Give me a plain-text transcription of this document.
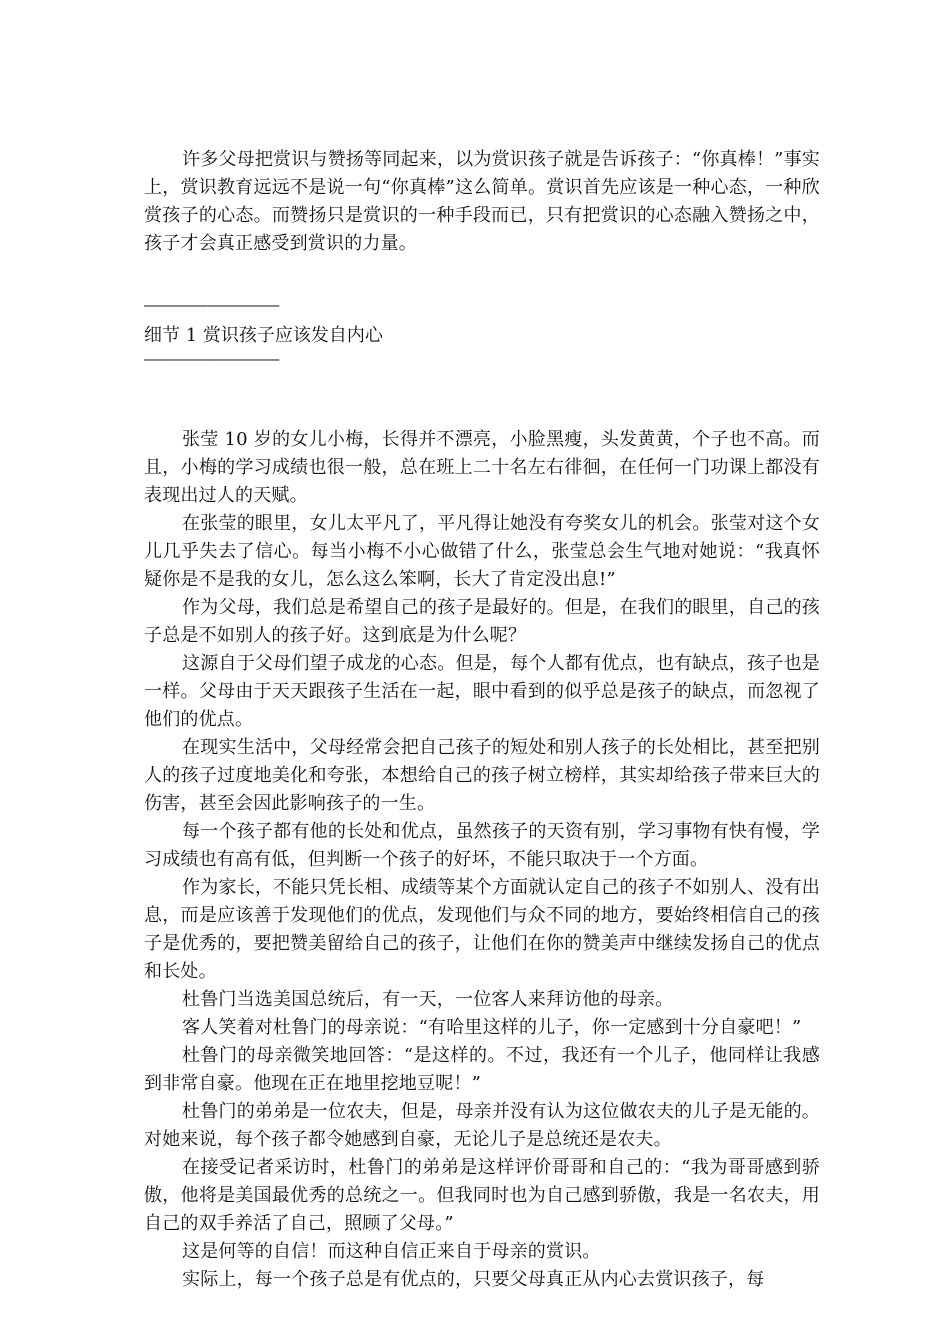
许多父母把赏识与赞扬等同起来，以为赏识孩子就是告诉孩子：“你真棒！”事实上，赏识教育远远不是说一句“你真棒”这么简单。赏识首先应该是一种心态，一种欣赏孩子的心态。而赞扬只是赏识的一种手段而已，只有把赏识的心态融入赞扬之中，孩子才会真正感受到赏识的力量。

———————————————

细节 1 赏识孩子应该发自内心

———————————————

张莹 10 岁的女儿小梅，长得并不漂亮，小脸黑瘦，头发黄黄，个子也不高。而且，小梅的学习成绩也很一般，总在班上二十名左右徘徊，在任何一门功课上都没有表现出过人的天赋。

在张莹的眼里，女儿太平凡了，平凡得让她没有夸奖女儿的机会。张莹对这个女儿几乎失去了信心。每当小梅不小心做错了什么，张莹总会生气地对她说：“我真怀疑你是不是我的女儿，怎么这么笨啊，长大了肯定没出息!”

作为父母，我们总是希望自己的孩子是最好的。但是，在我们的眼里，自己的孩子总是不如别人的孩子好。这到底是为什么呢？

这源自于父母们望子成龙的心态。但是，每个人都有优点，也有缺点，孩子也是一样。父母由于天天跟孩子生活在一起，眼中看到的似乎总是孩子的缺点，而忽视了他们的优点。

在现实生活中，父母经常会把自己孩子的短处和别人孩子的长处相比，甚至把别人的孩子过度地美化和夸张，本想给自己的孩子树立榜样，其实却给孩子带来巨大的伤害，甚至会因此影响孩子的一生。

每一个孩子都有他的长处和优点，虽然孩子的天资有别，学习事物有快有慢，学习成绩也有高有低，但判断一个孩子的好坏，不能只取决于一个方面。

作为家长，不能只凭长相、成绩等某个方面就认定自己的孩子不如别人、没有出息，而是应该善于发现他们的优点，发现他们与众不同的地方，要始终相信自己的孩子是优秀的，要把赞美留给自己的孩子，让他们在你的赞美声中继续发扬自己的优点和长处。

杜鲁门当选美国总统后，有一天，一位客人来拜访他的母亲。

客人笑着对杜鲁门的母亲说：“有哈里这样的儿子，你一定感到十分自豪吧！”

杜鲁门的母亲微笑地回答：“是这样的。不过，我还有一个儿子，他同样让我感到非常自豪。他现在正在地里挖地豆呢！”

杜鲁门的弟弟是一位农夫，但是，母亲并没有认为这位做农夫的儿子是无能的。对她来说，每个孩子都令她感到自豪，无论儿子是总统还是农夫。

在接受记者采访时，杜鲁门的弟弟是这样评价哥哥和自己的：“我为哥哥感到骄傲，他将是美国最优秀的总统之一。但我同时也为自己感到骄傲，我是一名农夫，用自己的双手养活了自己，照顾了父母。”

这是何等的自信！而这种自信正来自于母亲的赏识。

实际上，每一个孩子总是有优点的，只要父母真正从内心去赏识孩子，每
